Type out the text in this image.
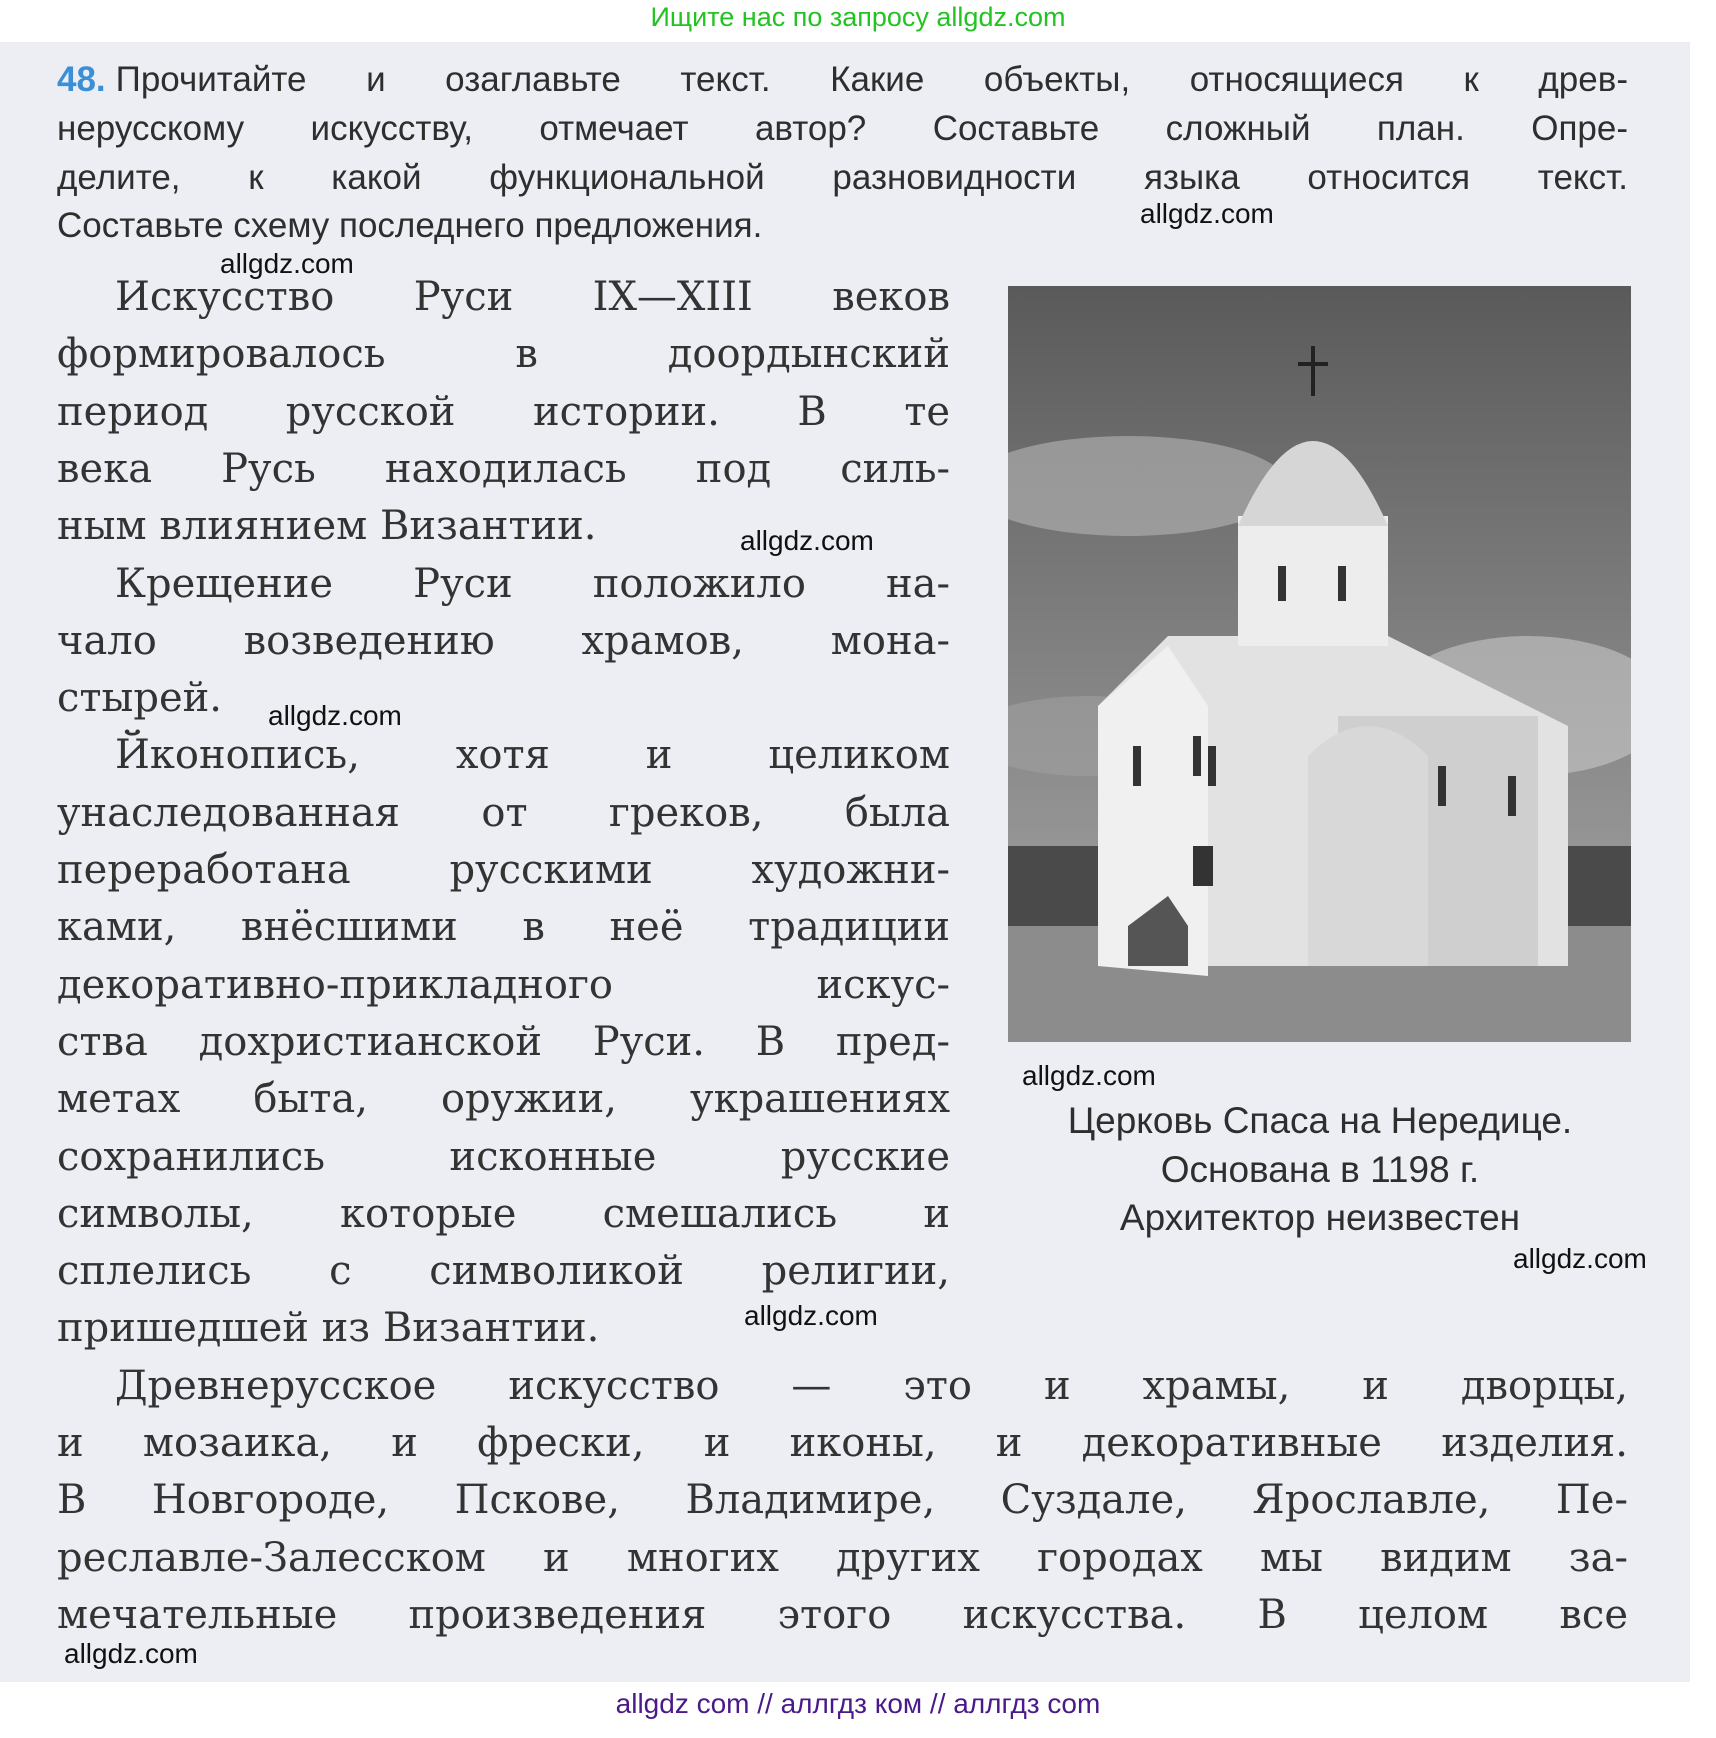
Ищите нас по запросу allgdz.com
48. Прочитайте и озаглавьте текст. Какие объекты, относящиеся к древ-
нерусскому искусству, отмечает автор? Составьте сложный план. Опре-
делите, к какой функциональной разновидности языка относится текст.
Составьте схему последнего предложения.
Искусство Руси IX—XIII веков
формировалось в доордынский
период русской истории. В те
века Русь находилась под силь-
ным влиянием Византии.
Крещение Руси положило на-
чало возведению храмов, мона-
стырей.
Йконопись, хотя и целиком
унаследованная от греков, была
переработана русскими художни-
ками, внёсшими в неё традиции
декоративно-прикладного искус-
ства дохристианской Руси. В пред-
метах быта, оружии, украшениях
сохранились исконные русские
символы, которые смешались и
сплелись с символикой религии,
пришедшей из Византии.
Древнерусское искусство — это и храмы, и дворцы,
и мозаика, и фрески, и иконы, и декоративные изделия.
В Новгороде, Пскове, Владимире, Суздале, Ярославле, Пе-
реславле-Залесском и многих других городах мы видим за-
мечательные произведения этого искусства. В целом все
Церковь Спаса на Нередице.
Основана в 1198 г.
Архитектор неизвестен
allgdz.com
allgdz.com
allgdz.com
allgdz.com
allgdz.com
allgdz.com
allgdz.com
allgdz.com
allgdz com // аллгдз ком // аллгдз com
